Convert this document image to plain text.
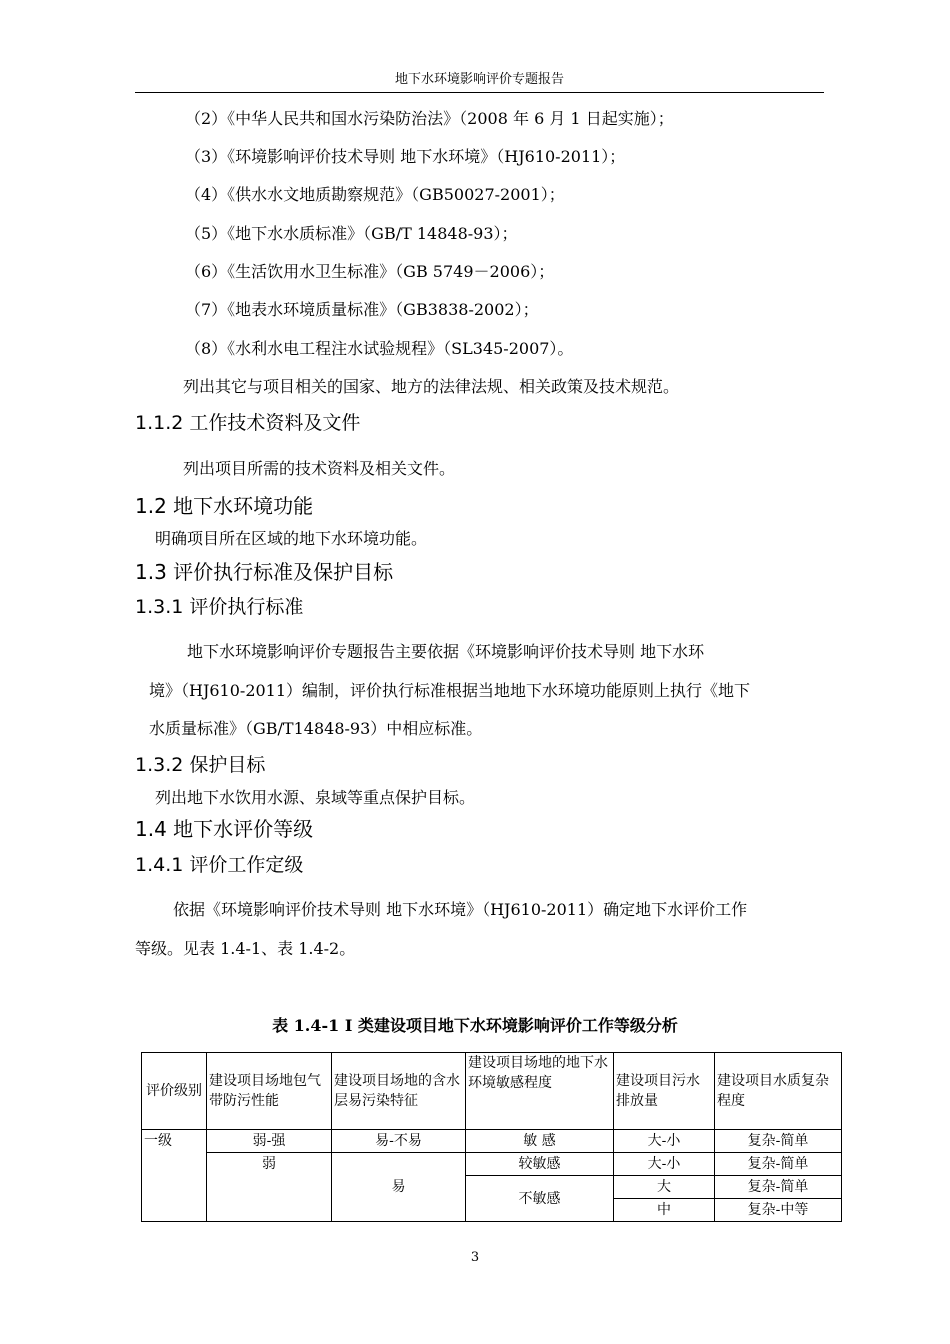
地下水环境影响评价专题报告
（2）《中华人民共和国水污染防治法》（2008 年 6 月 1 日起实施）；
（3）《环境影响评价技术导则 地下水环境》（HJ610-2011）；
（4）《供水水文地质勘察规范》（GB50027-2001）；
（5）《地下水水质标准》（GB/T 14848-93）；
（6）《生活饮用水卫生标准》（GB 5749－2006）；
（7）《地表水环境质量标准》（GB3838-2002）；
（8）《水利水电工程注水试验规程》（SL345-2007）。
列出其它与项目相关的国家、地方的法律法规、相关政策及技术规范。
1.1.2 工作技术资料及文件
列出项目所需的技术资料及相关文件。
1.2 地下水环境功能
明确项目所在区域的地下水环境功能。
1.3 评价执行标准及保护目标
1.3.1 评价执行标准
地下水环境影响评价专题报告主要依据《环境影响评价技术导则 地下水环
境》（HJ610-2011）编制，评价执行标准根据当地地下水环境功能原则上执行《地下
水质量标准》（GB/T14848-93）中相应标准。
1.3.2 保护目标
列出地下水饮用水源、泉域等重点保护目标。
1.4 地下水评价等级
1.4.1 评价工作定级
依据《环境影响评价技术导则 地下水环境》（HJ610-2011）确定地下水评价工作
等级。见表 1.4-1、表 1.4-2。
表 1.4-1 I 类建设项目地下水环境影响评价工作等级分析
评价级别	建设项目场地包气带防污性能	建设项目场地的含水层易污染特征	建设项目场地的地下水环境敏感程度	建设项目污水排放量	建设项目水质复杂程度
一级	弱-强	易-不易	敏 感	大-小	复杂-简单
	弱	易	较敏感	大-小	复杂-简单
			不敏感	大	复杂-简单
				中	复杂-中等
3
